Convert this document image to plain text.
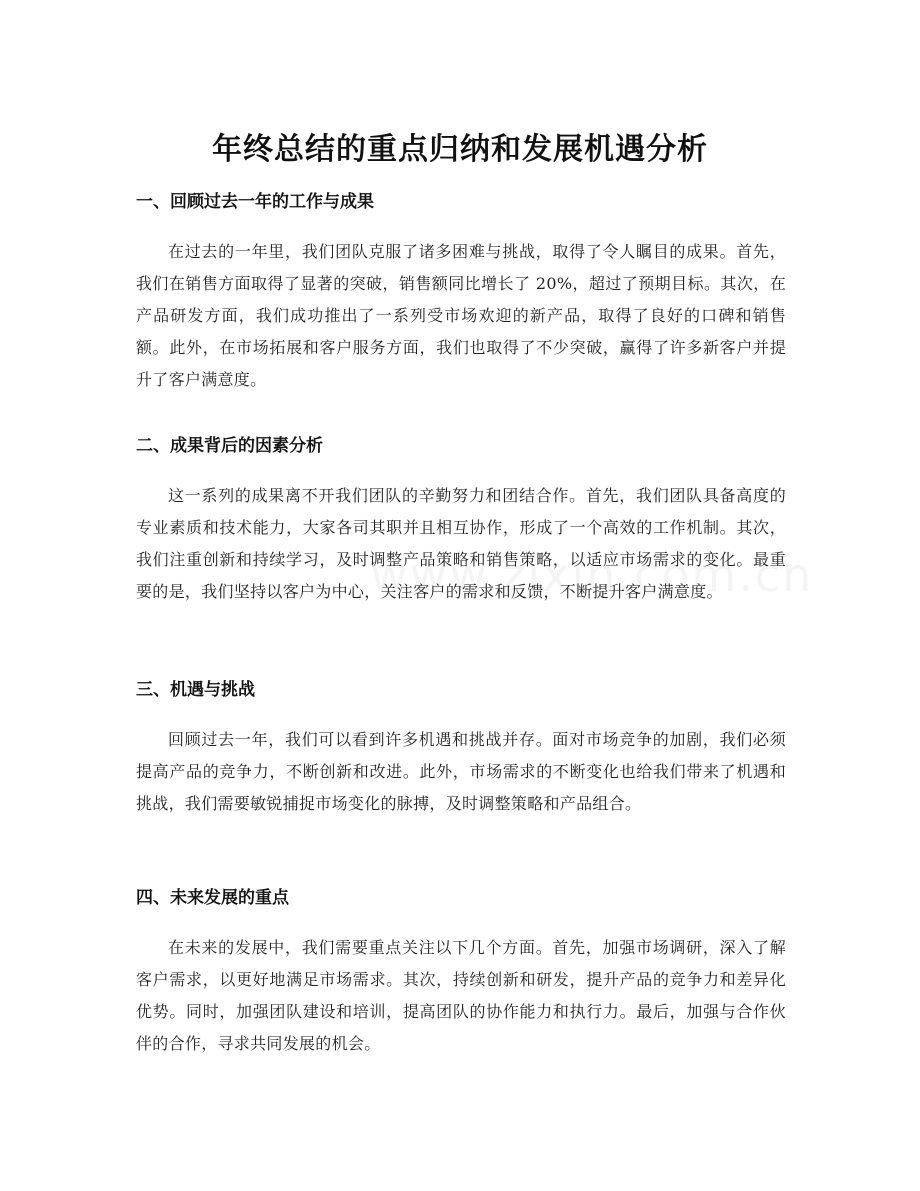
年终总结的重点归纳和发展机遇分析
一、回顾过去一年的工作与成果

在过去的一年里，我们团队克服了诸多困难与挑战，取得了令人瞩目的成果。首先，我们在销售方面取得了显著的突破，销售额同比增长了 20%，超过了预期目标。其次，在产品研发方面，我们成功推出了一系列受市场欢迎的新产品，取得了良好的口碑和销售额。此外，在市场拓展和客户服务方面，我们也取得了不少突破，赢得了许多新客户并提升了客户满意度。

二、成果背后的因素分析

这一系列的成果离不开我们团队的辛勤努力和团结合作。首先，我们团队具备高度的专业素质和技术能力，大家各司其职并且相互协作，形成了一个高效的工作机制。其次，我们注重创新和持续学习，及时调整产品策略和销售策略，以适应市场需求的变化。最重要的是，我们坚持以客户为中心，关注客户的需求和反馈，不断提升客户满意度。

三、机遇与挑战

回顾过去一年，我们可以看到许多机遇和挑战并存。面对市场竞争的加剧，我们必须提高产品的竞争力，不断创新和改进。此外，市场需求的不断变化也给我们带来了机遇和挑战，我们需要敏锐捕捉市场变化的脉搏，及时调整策略和产品组合。

四、未来发展的重点

在未来的发展中，我们需要重点关注以下几个方面。首先，加强市场调研，深入了解客户需求，以更好地满足市场需求。其次，持续创新和研发，提升产品的竞争力和差异化优势。同时，加强团队建设和培训，提高团队的协作能力和执行力。最后，加强与合作伙伴的合作，寻求共同发展的机会。
